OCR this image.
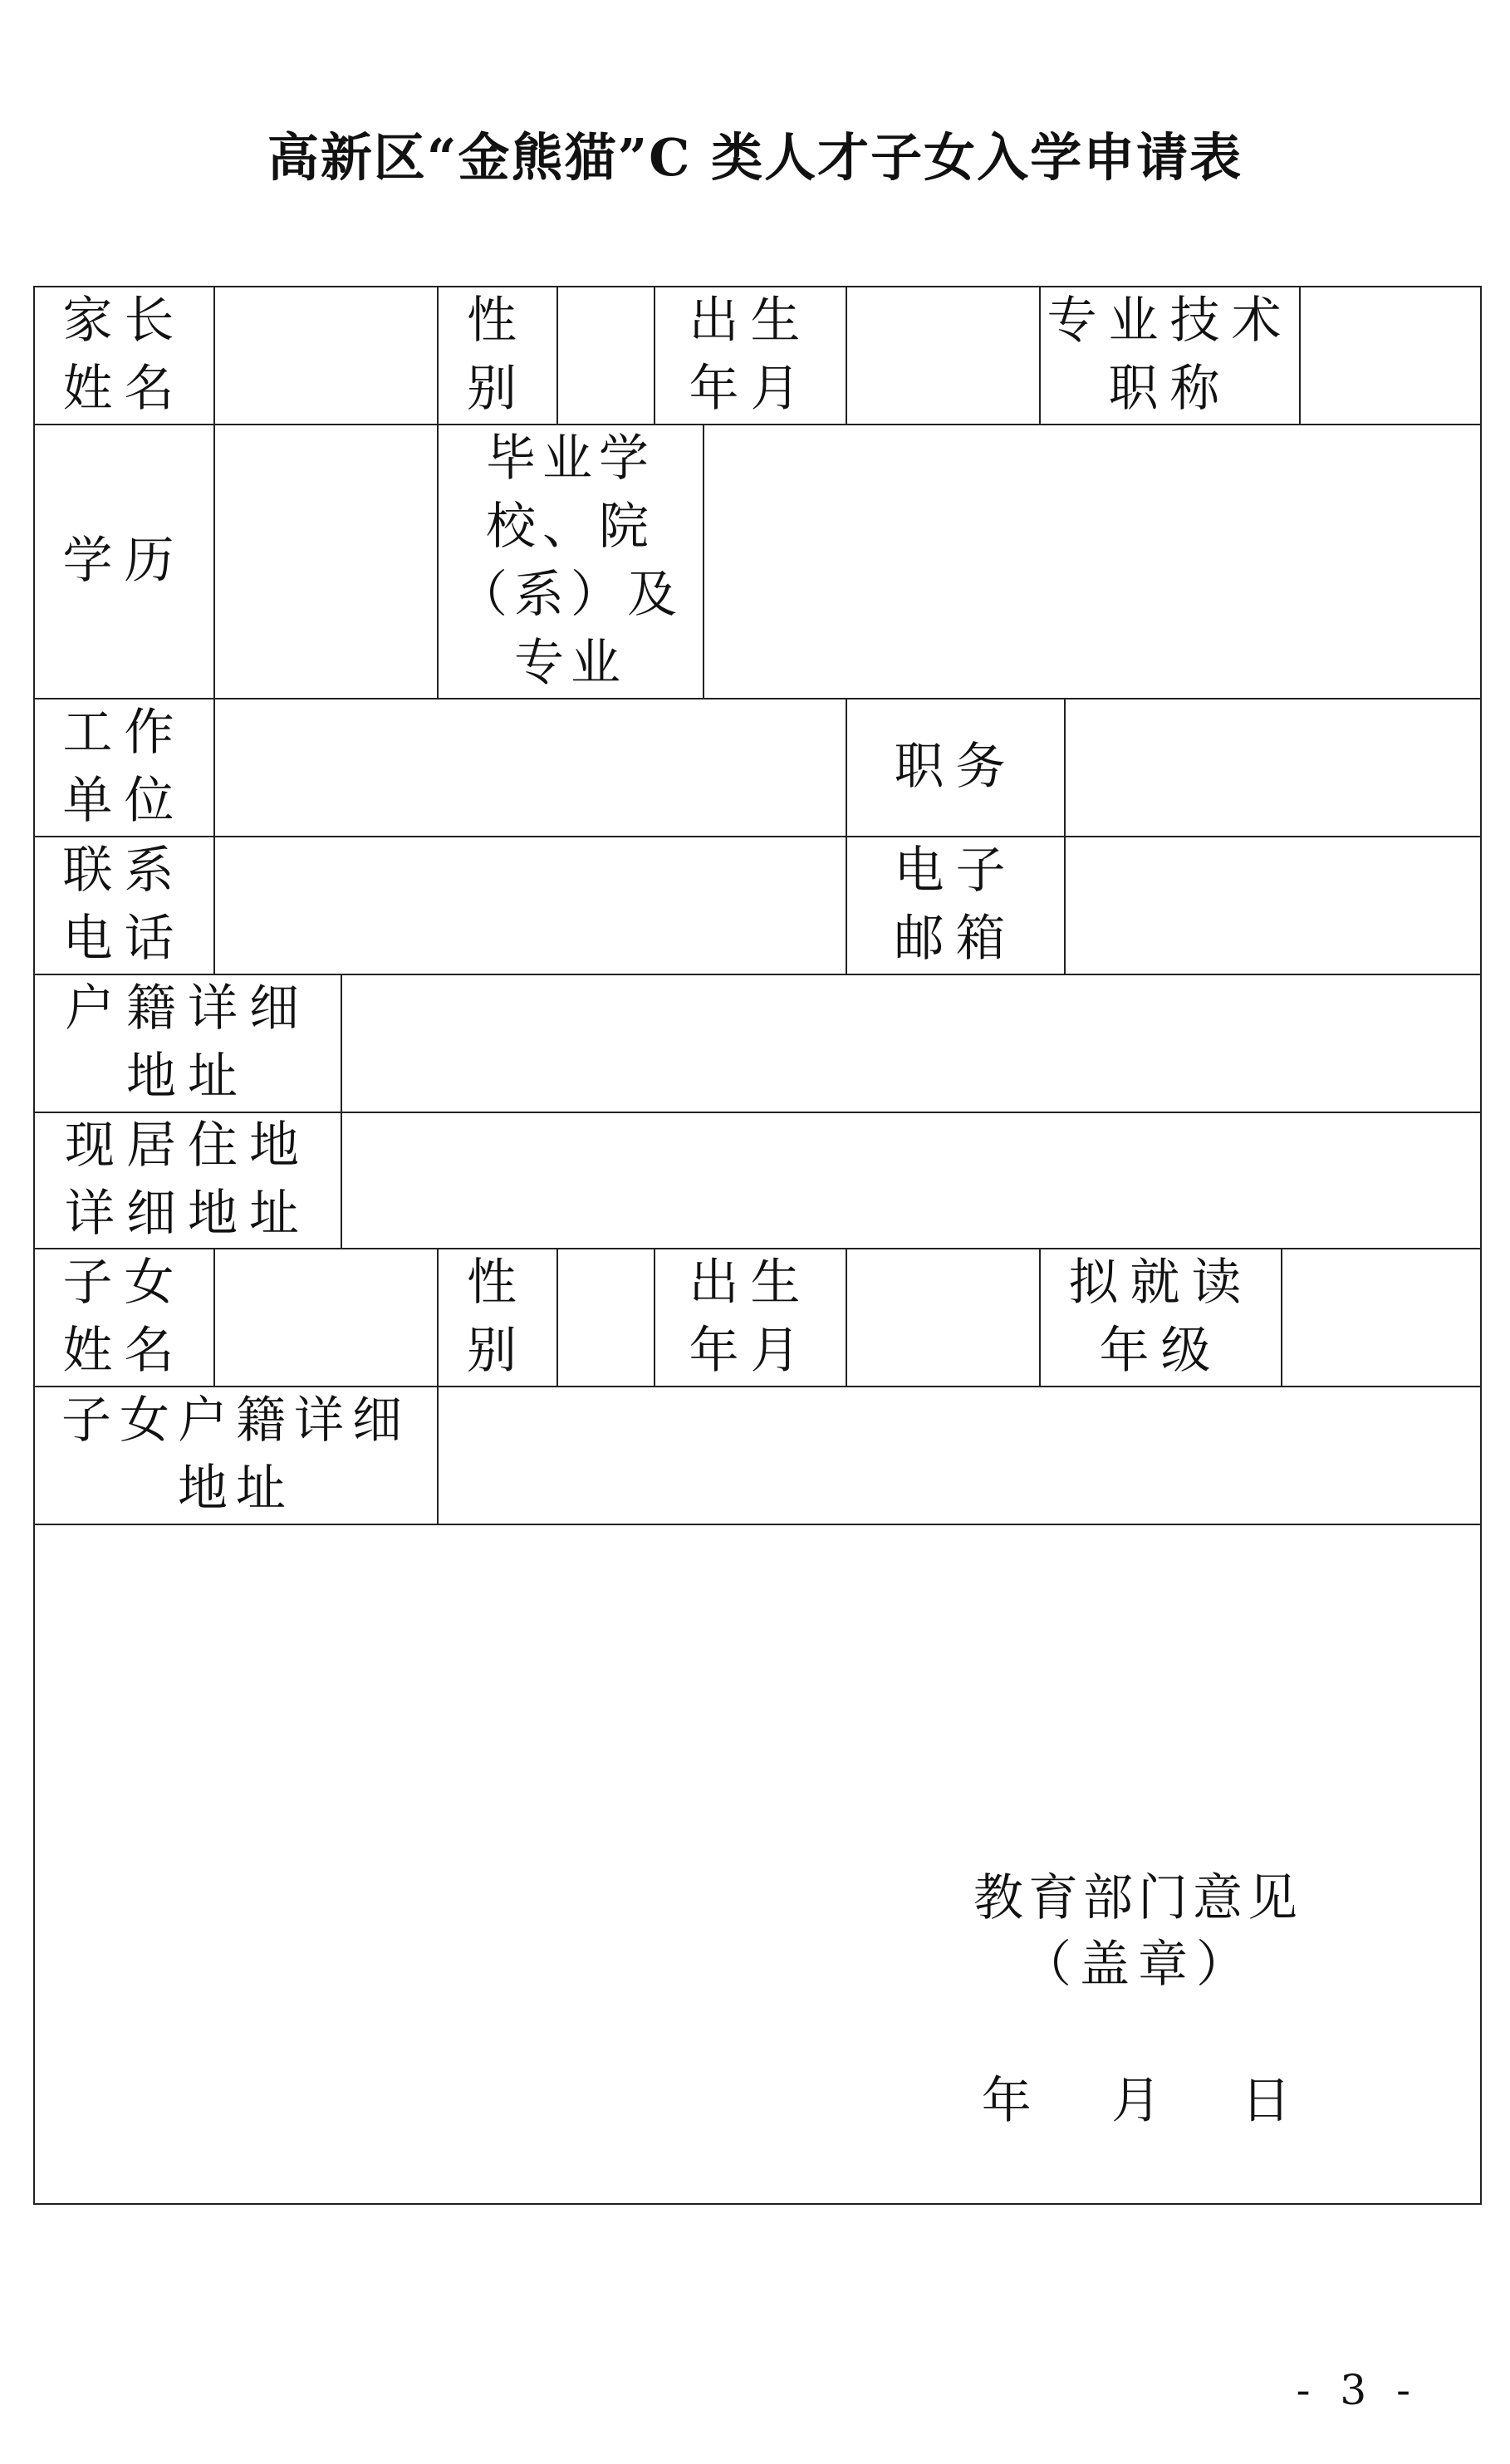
高新区“金熊猫”C 类人才子女入学申请表
家长
姓名
性
别
出生
年月
专业技术
职称
学历
毕业学
校、院
（系）及
专业
工作
单位
职务
联系
电话
电子
邮箱
户籍详细
地址
现居住地
详细地址
子女
姓名
性
别
出生
年月
拟就读
年级
子女户籍详细
地址
教育部门意见
（盖章）
年    月    日
- 3 -
